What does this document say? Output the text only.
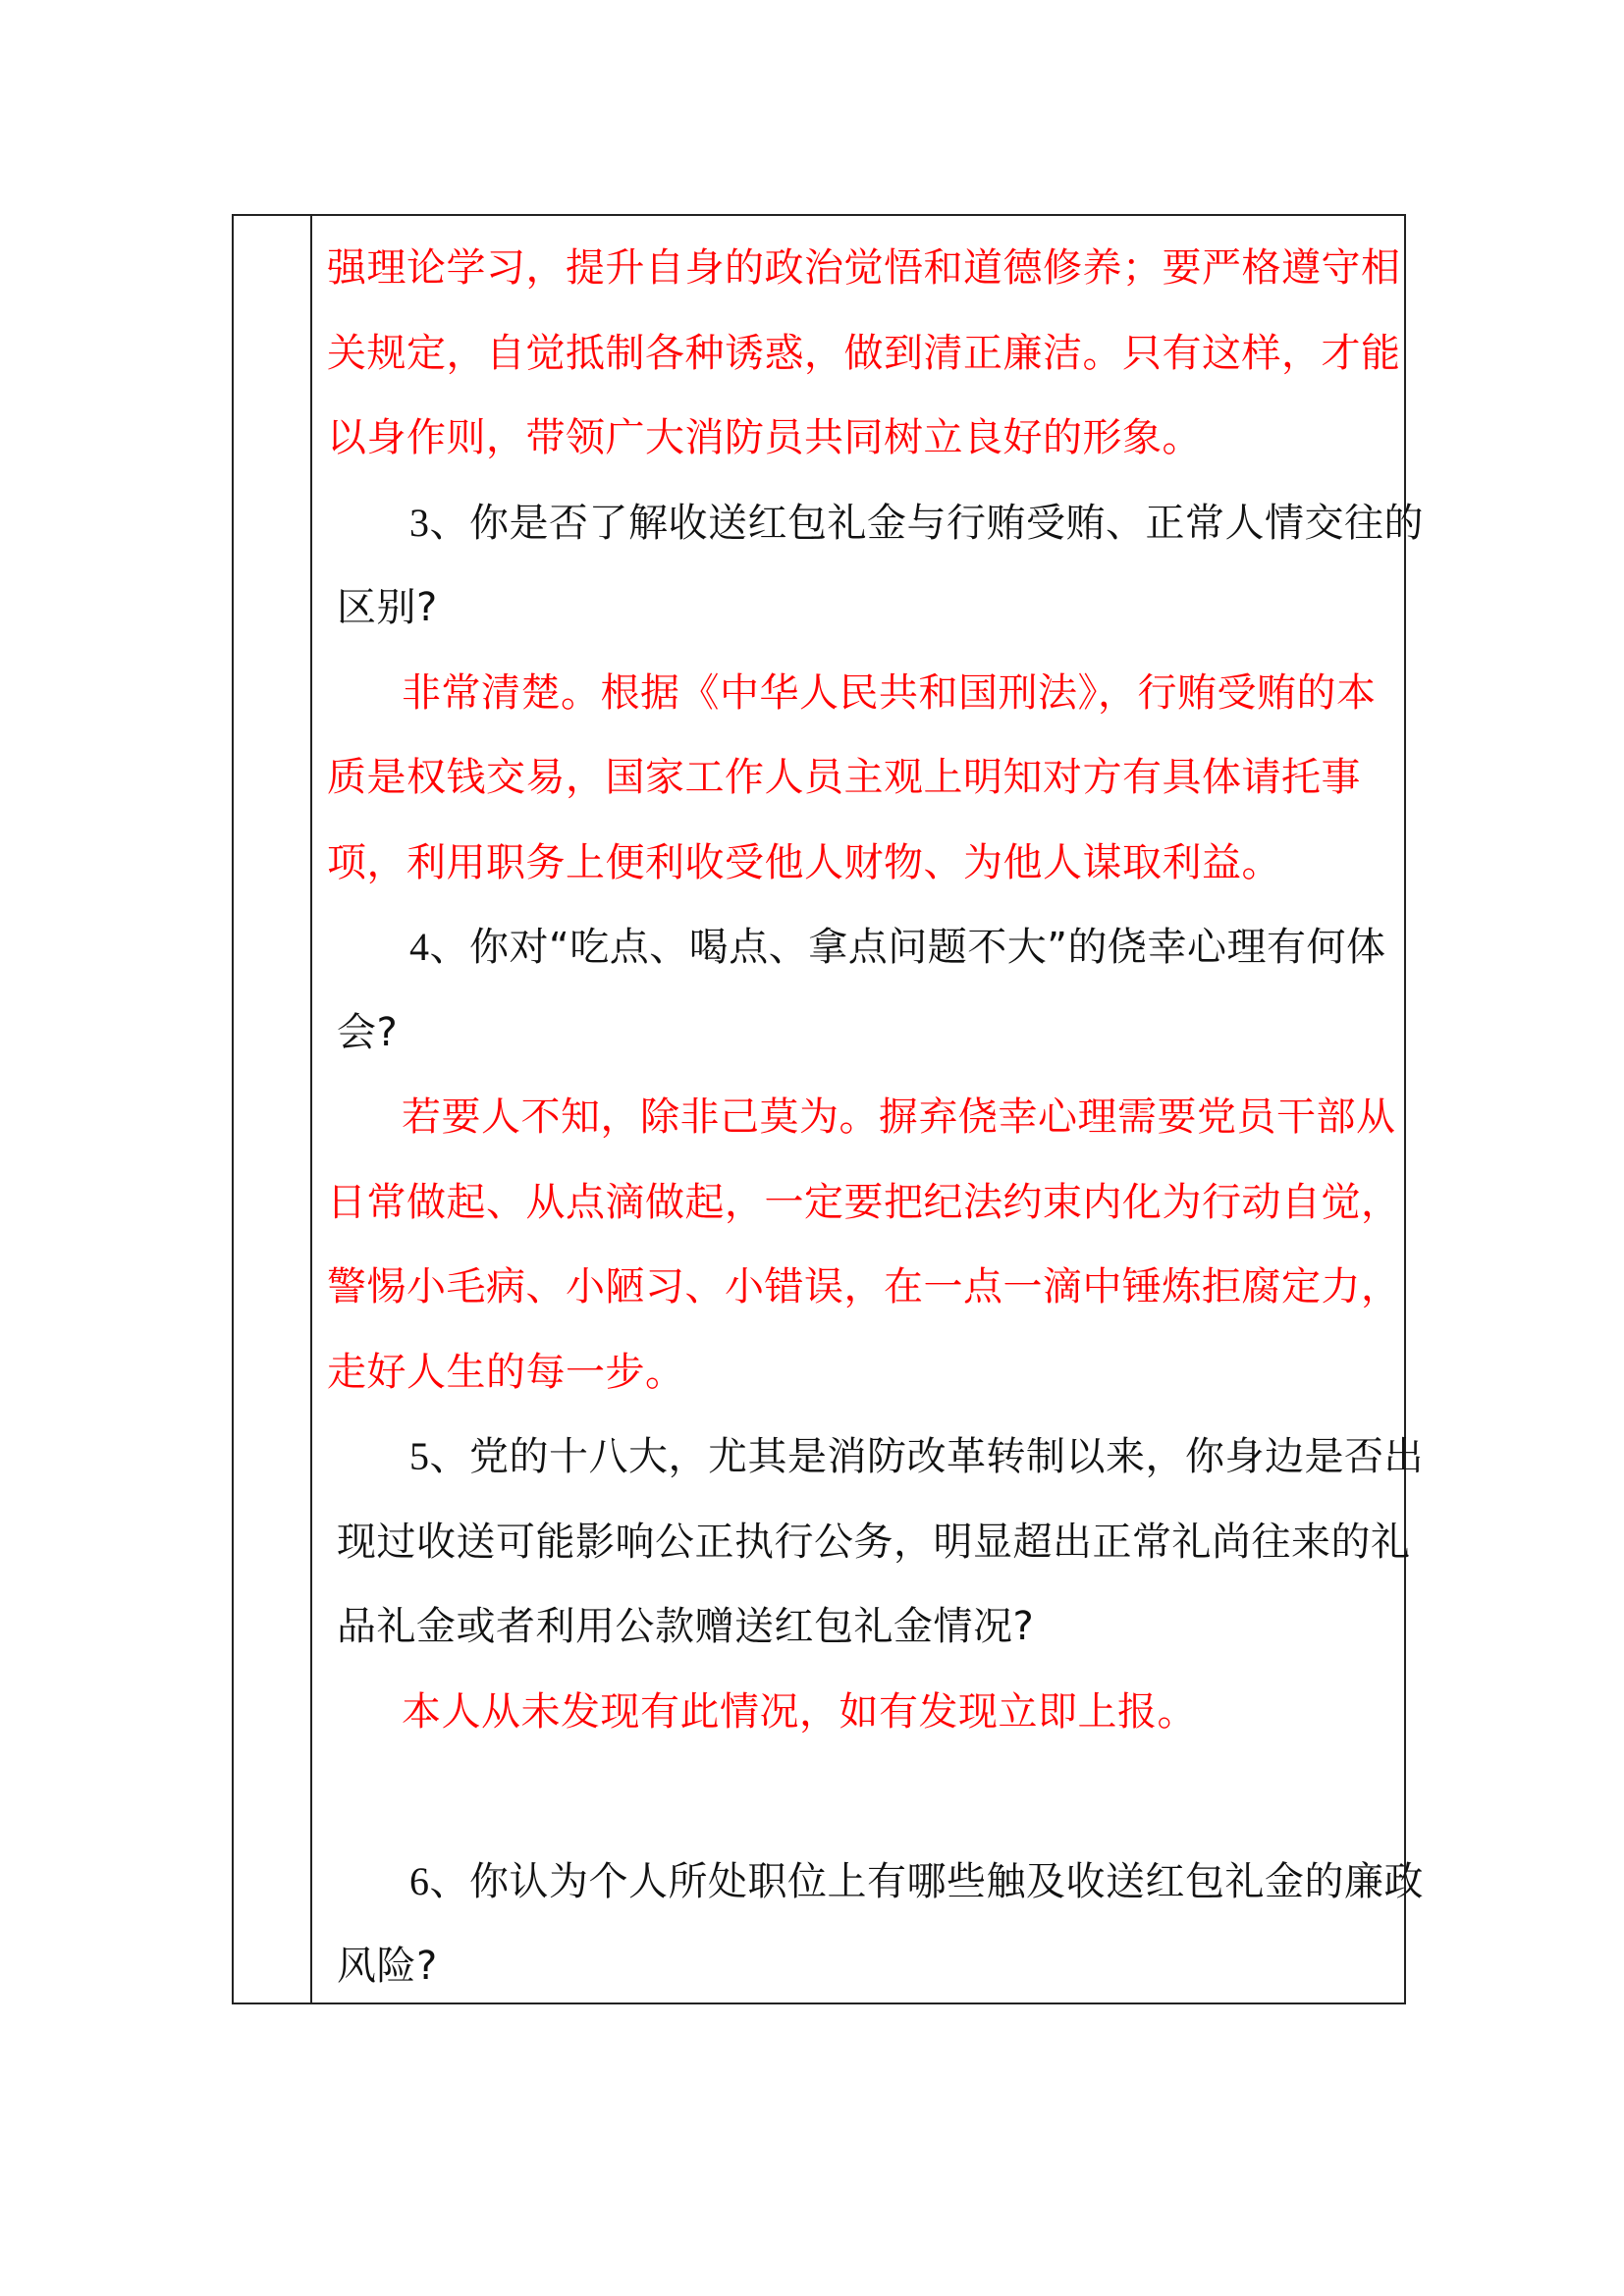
强理论学习，提升自身的政治觉悟和道德修养；要严格遵守相
关规定，自觉抵制各种诱惑，做到清正廉洁。只有这样，才能
以身作则，带领广大消防员共同树立良好的形象。
3、你是否了解收送红包礼金与行贿受贿、正常人情交往的
区别?
非常清楚。根据《中华人民共和国刑法》，行贿受贿的本
质是权钱交易，国家工作人员主观上明知对方有具体请托事
项，利用职务上便利收受他人财物、为他人谋取利益。
4、你对“吃点、喝点、拿点问题不大”的侥幸心理有何体
会?
若要人不知，除非己莫为。摒弃侥幸心理需要党员干部从
日常做起、从点滴做起，一定要把纪法约束内化为行动自觉，
警惕小毛病、小陋习、小错误，在一点一滴中锤炼拒腐定力，
走好人生的每一步。
5、党的十八大，尤其是消防改革转制以来，你身边是否出
现过收送可能影响公正执行公务，明显超出正常礼尚往来的礼
品礼金或者利用公款赠送红包礼金情况?
本人从未发现有此情况，如有发现立即上报。
6、你认为个人所处职位上有哪些触及收送红包礼金的廉政
风险?
